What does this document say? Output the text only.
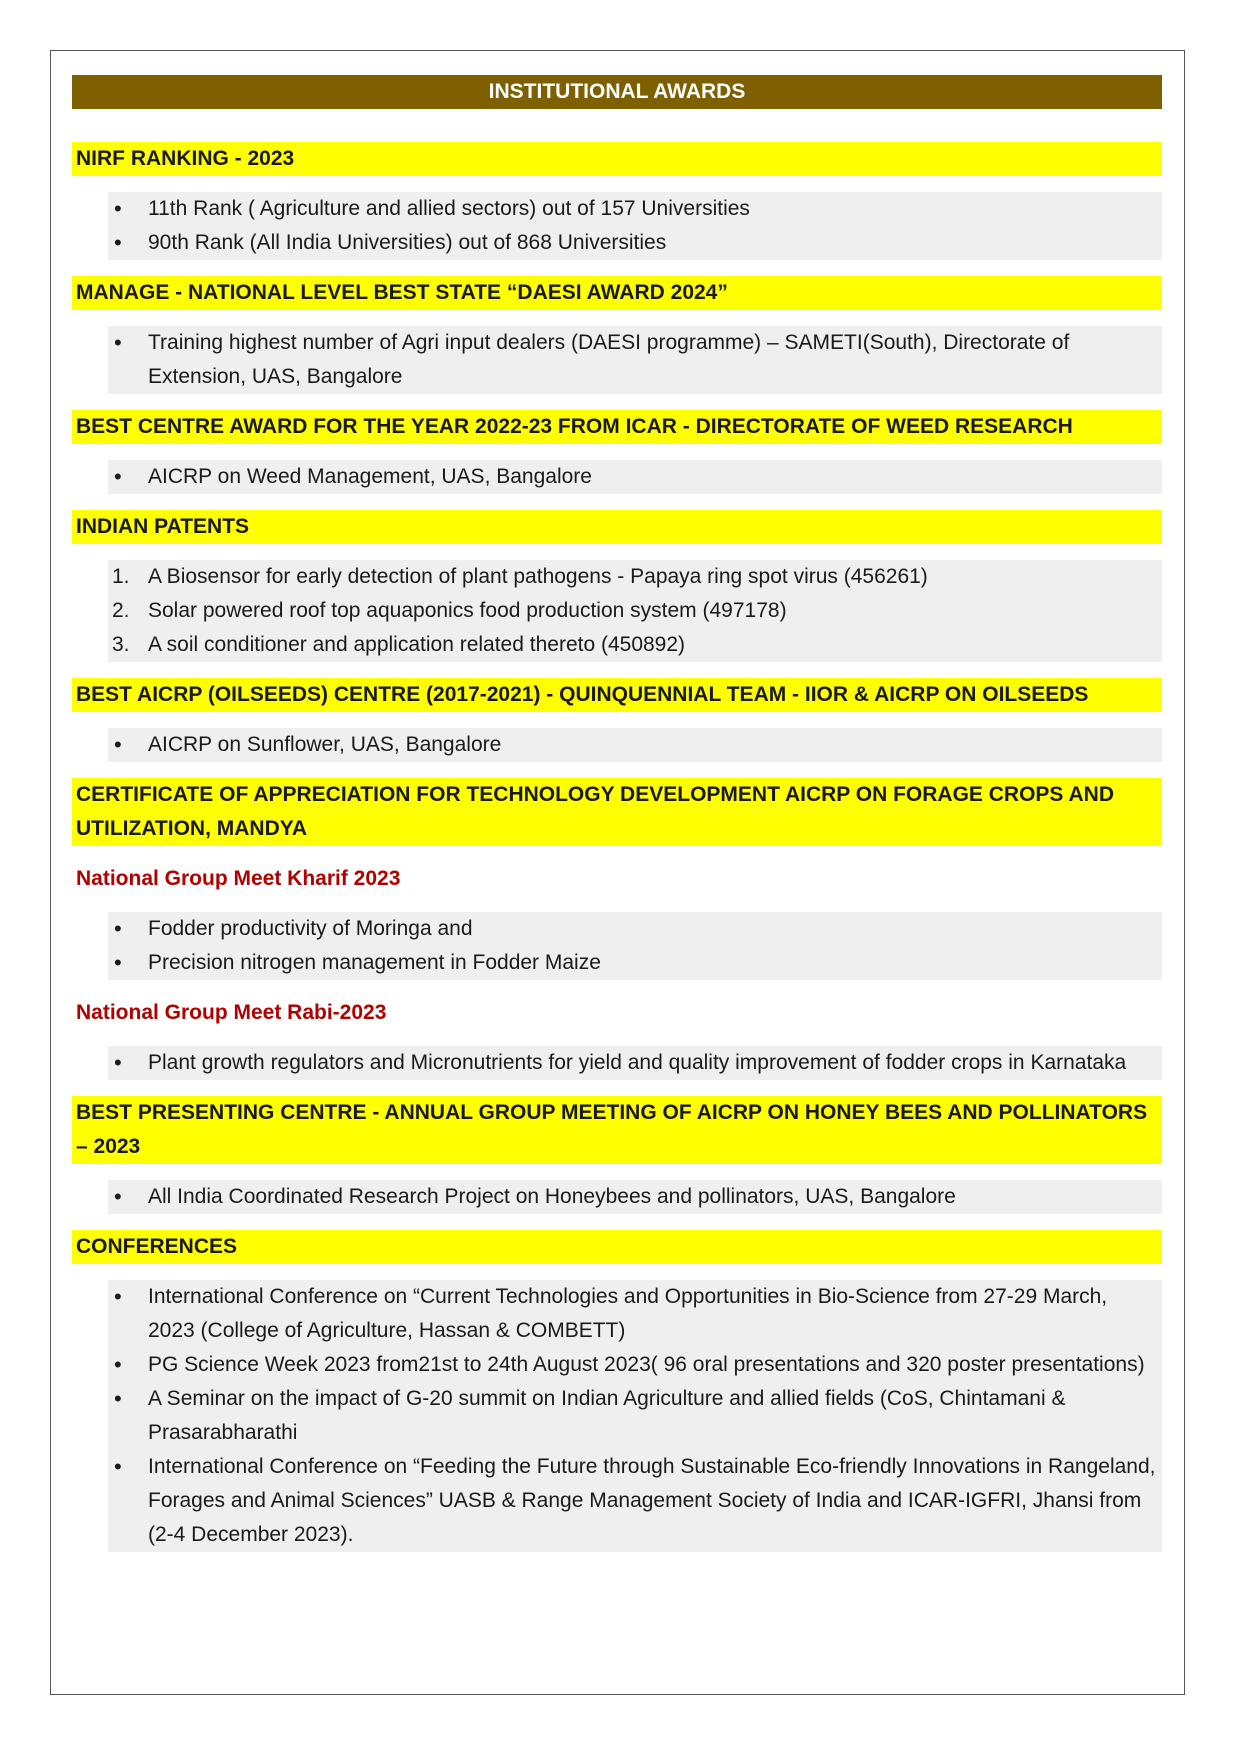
INSTITUTIONAL AWARDS
NIRF RANKING - 2023
• 11th Rank ( Agriculture and allied sectors) out of 157 Universities
• 90th Rank (All India Universities) out of 868 Universities
MANAGE - NATIONAL LEVEL BEST STATE “DAESI AWARD 2024”
• Training highest number of Agri input dealers (DAESI programme) – SAMETI(South), Directorate of Extension, UAS, Bangalore
BEST CENTRE AWARD FOR THE YEAR 2022-23 FROM ICAR - DIRECTORATE OF WEED RESEARCH
• AICRP on Weed Management, UAS, Bangalore
INDIAN PATENTS
1. A Biosensor for early detection of plant pathogens - Papaya ring spot virus (456261)
2. Solar powered roof top aquaponics food production system (497178)
3. A soil conditioner and application related thereto (450892)
BEST AICRP (OILSEEDS) CENTRE (2017-2021) - QUINQUENNIAL TEAM - IIOR & AICRP ON OILSEEDS
• AICRP on Sunflower, UAS, Bangalore
CERTIFICATE OF APPRECIATION FOR TECHNOLOGY DEVELOPMENT AICRP ON FORAGE CROPS AND UTILIZATION, MANDYA
National Group Meet Kharif 2023
• Fodder productivity of Moringa and
• Precision nitrogen management in Fodder Maize
National Group Meet Rabi-2023
• Plant growth regulators and Micronutrients for yield and quality improvement of fodder crops in Karnataka
BEST PRESENTING CENTRE - ANNUAL GROUP MEETING OF AICRP ON HONEY BEES AND POLLINATORS – 2023
• All India Coordinated Research Project on Honeybees and pollinators, UAS, Bangalore
CONFERENCES
• International Conference on “Current Technologies and Opportunities in Bio-Science from 27-29 March, 2023 (College of Agriculture, Hassan & COMBETT)
• PG Science Week 2023 from21st to 24th August 2023( 96 oral presentations and 320 poster presentations)
• A Seminar on the impact of G-20 summit on Indian Agriculture and allied fields (CoS, Chintamani & Prasarabharathi
• International Conference on “Feeding the Future through Sustainable Eco-friendly Innovations in Rangeland, Forages and Animal Sciences” UASB & Range Management Society of India and ICAR-IGFRI, Jhansi from (2-4 December 2023).
